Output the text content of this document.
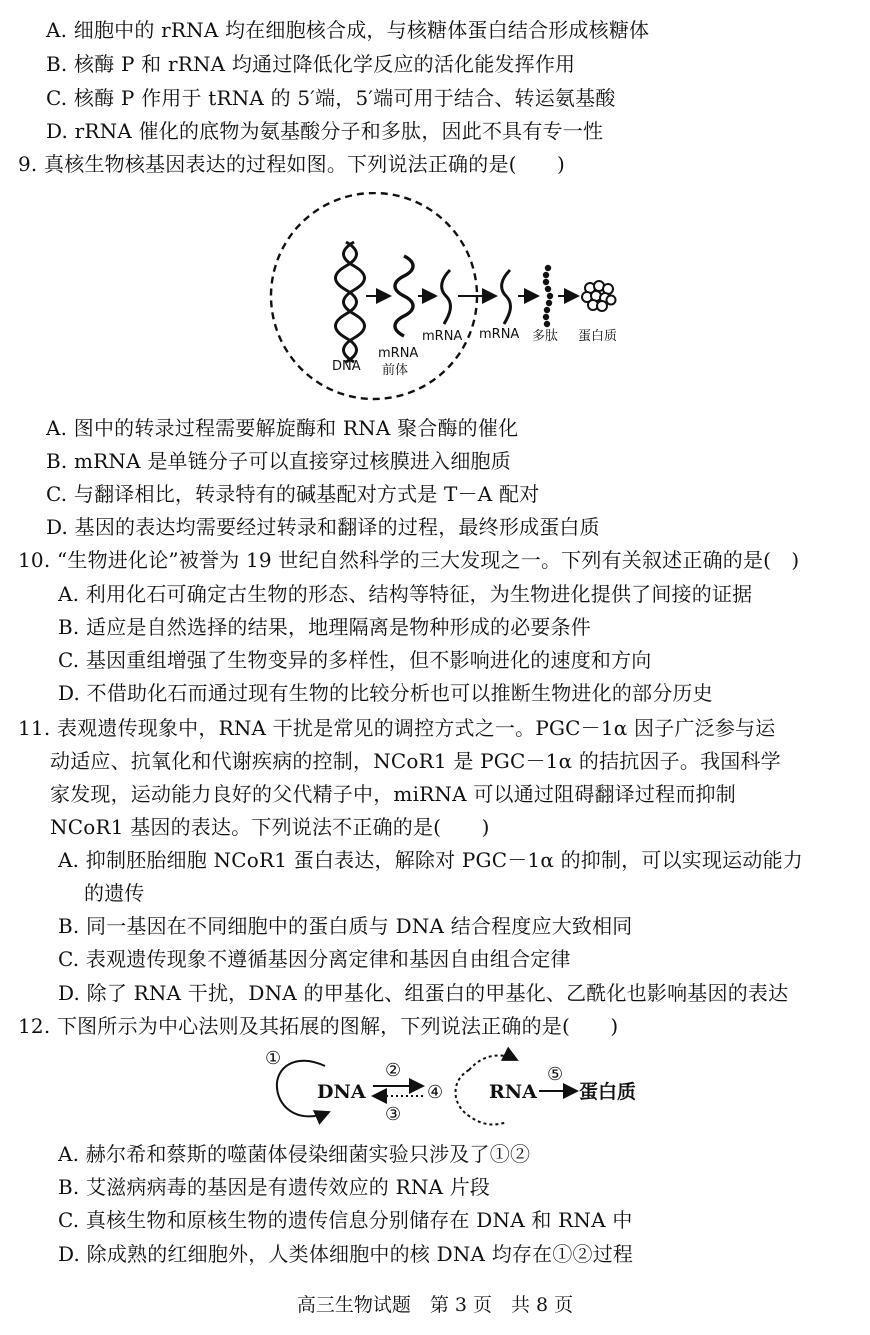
A. 细胞中的 rRNA 均在细胞核合成，与核糖体蛋白结合形成核糖体
B. 核酶 P 和 rRNA 均通过降低化学反应的活化能发挥作用
C. 核酶 P 作用于 tRNA 的 5′端，5′端可用于结合、转运氨基酸
D. rRNA 催化的底物为氨基酸分子和多肽，因此不具有专一性
9. 真核生物核基因表达的过程如图。下列说法正确的是(　　)
DNA
mRNA
前体
mRNA mRNA 多肽 蛋白质
A. 图中的转录过程需要解旋酶和 RNA 聚合酶的催化
B. mRNA 是单链分子可以直接穿过核膜进入细胞质
C. 与翻译相比，转录特有的碱基配对方式是 T－A 配对
D. 基因的表达均需要经过转录和翻译的过程，最终形成蛋白质
10. “生物进化论”被誉为 19 世纪自然科学的三大发现之一。下列有关叙述正确的是(　)
A. 利用化石可确定古生物的形态、结构等特征，为生物进化提供了间接的证据
B. 适应是自然选择的结果，地理隔离是物种形成的必要条件
C. 基因重组增强了生物变异的多样性，但不影响进化的速度和方向
D. 不借助化石而通过现有生物的比较分析也可以推断生物进化的部分历史
11. 表观遗传现象中，RNA 干扰是常见的调控方式之一。PGC－1α 因子广泛参与运
动适应、抗氧化和代谢疾病的控制，NCoR1 是 PGC－1α 的拮抗因子。我国科学
家发现，运动能力良好的父代精子中，miRNA 可以通过阻碍翻译过程而抑制
NCoR1 基因的表达。下列说法不正确的是(　　)
A. 抑制胚胎细胞 NCoR1 蛋白表达，解除对 PGC－1α 的抑制，可以实现运动能力
的遗传
B. 同一基因在不同细胞中的蛋白质与 DNA 结合程度应大致相同
C. 表观遗传现象不遵循基因分离定律和基因自由组合定律
D. 除了 RNA 干扰，DNA 的甲基化、组蛋白的甲基化、乙酰化也影响基因的表达
12. 下图所示为中心法则及其拓展的图解，下列说法正确的是(　　)
①
DNA
②
③
④ RNA
⑤
蛋白质
A. 赫尔希和蔡斯的噬菌体侵染细菌实验只涉及了①②
B. 艾滋病病毒的基因是有遗传效应的 RNA 片段
C. 真核生物和原核生物的遗传信息分别储存在 DNA 和 RNA 中
D. 除成熟的红细胞外，人类体细胞中的核 DNA 均存在①②过程
高三生物试题　第 3 页　共 8 页
